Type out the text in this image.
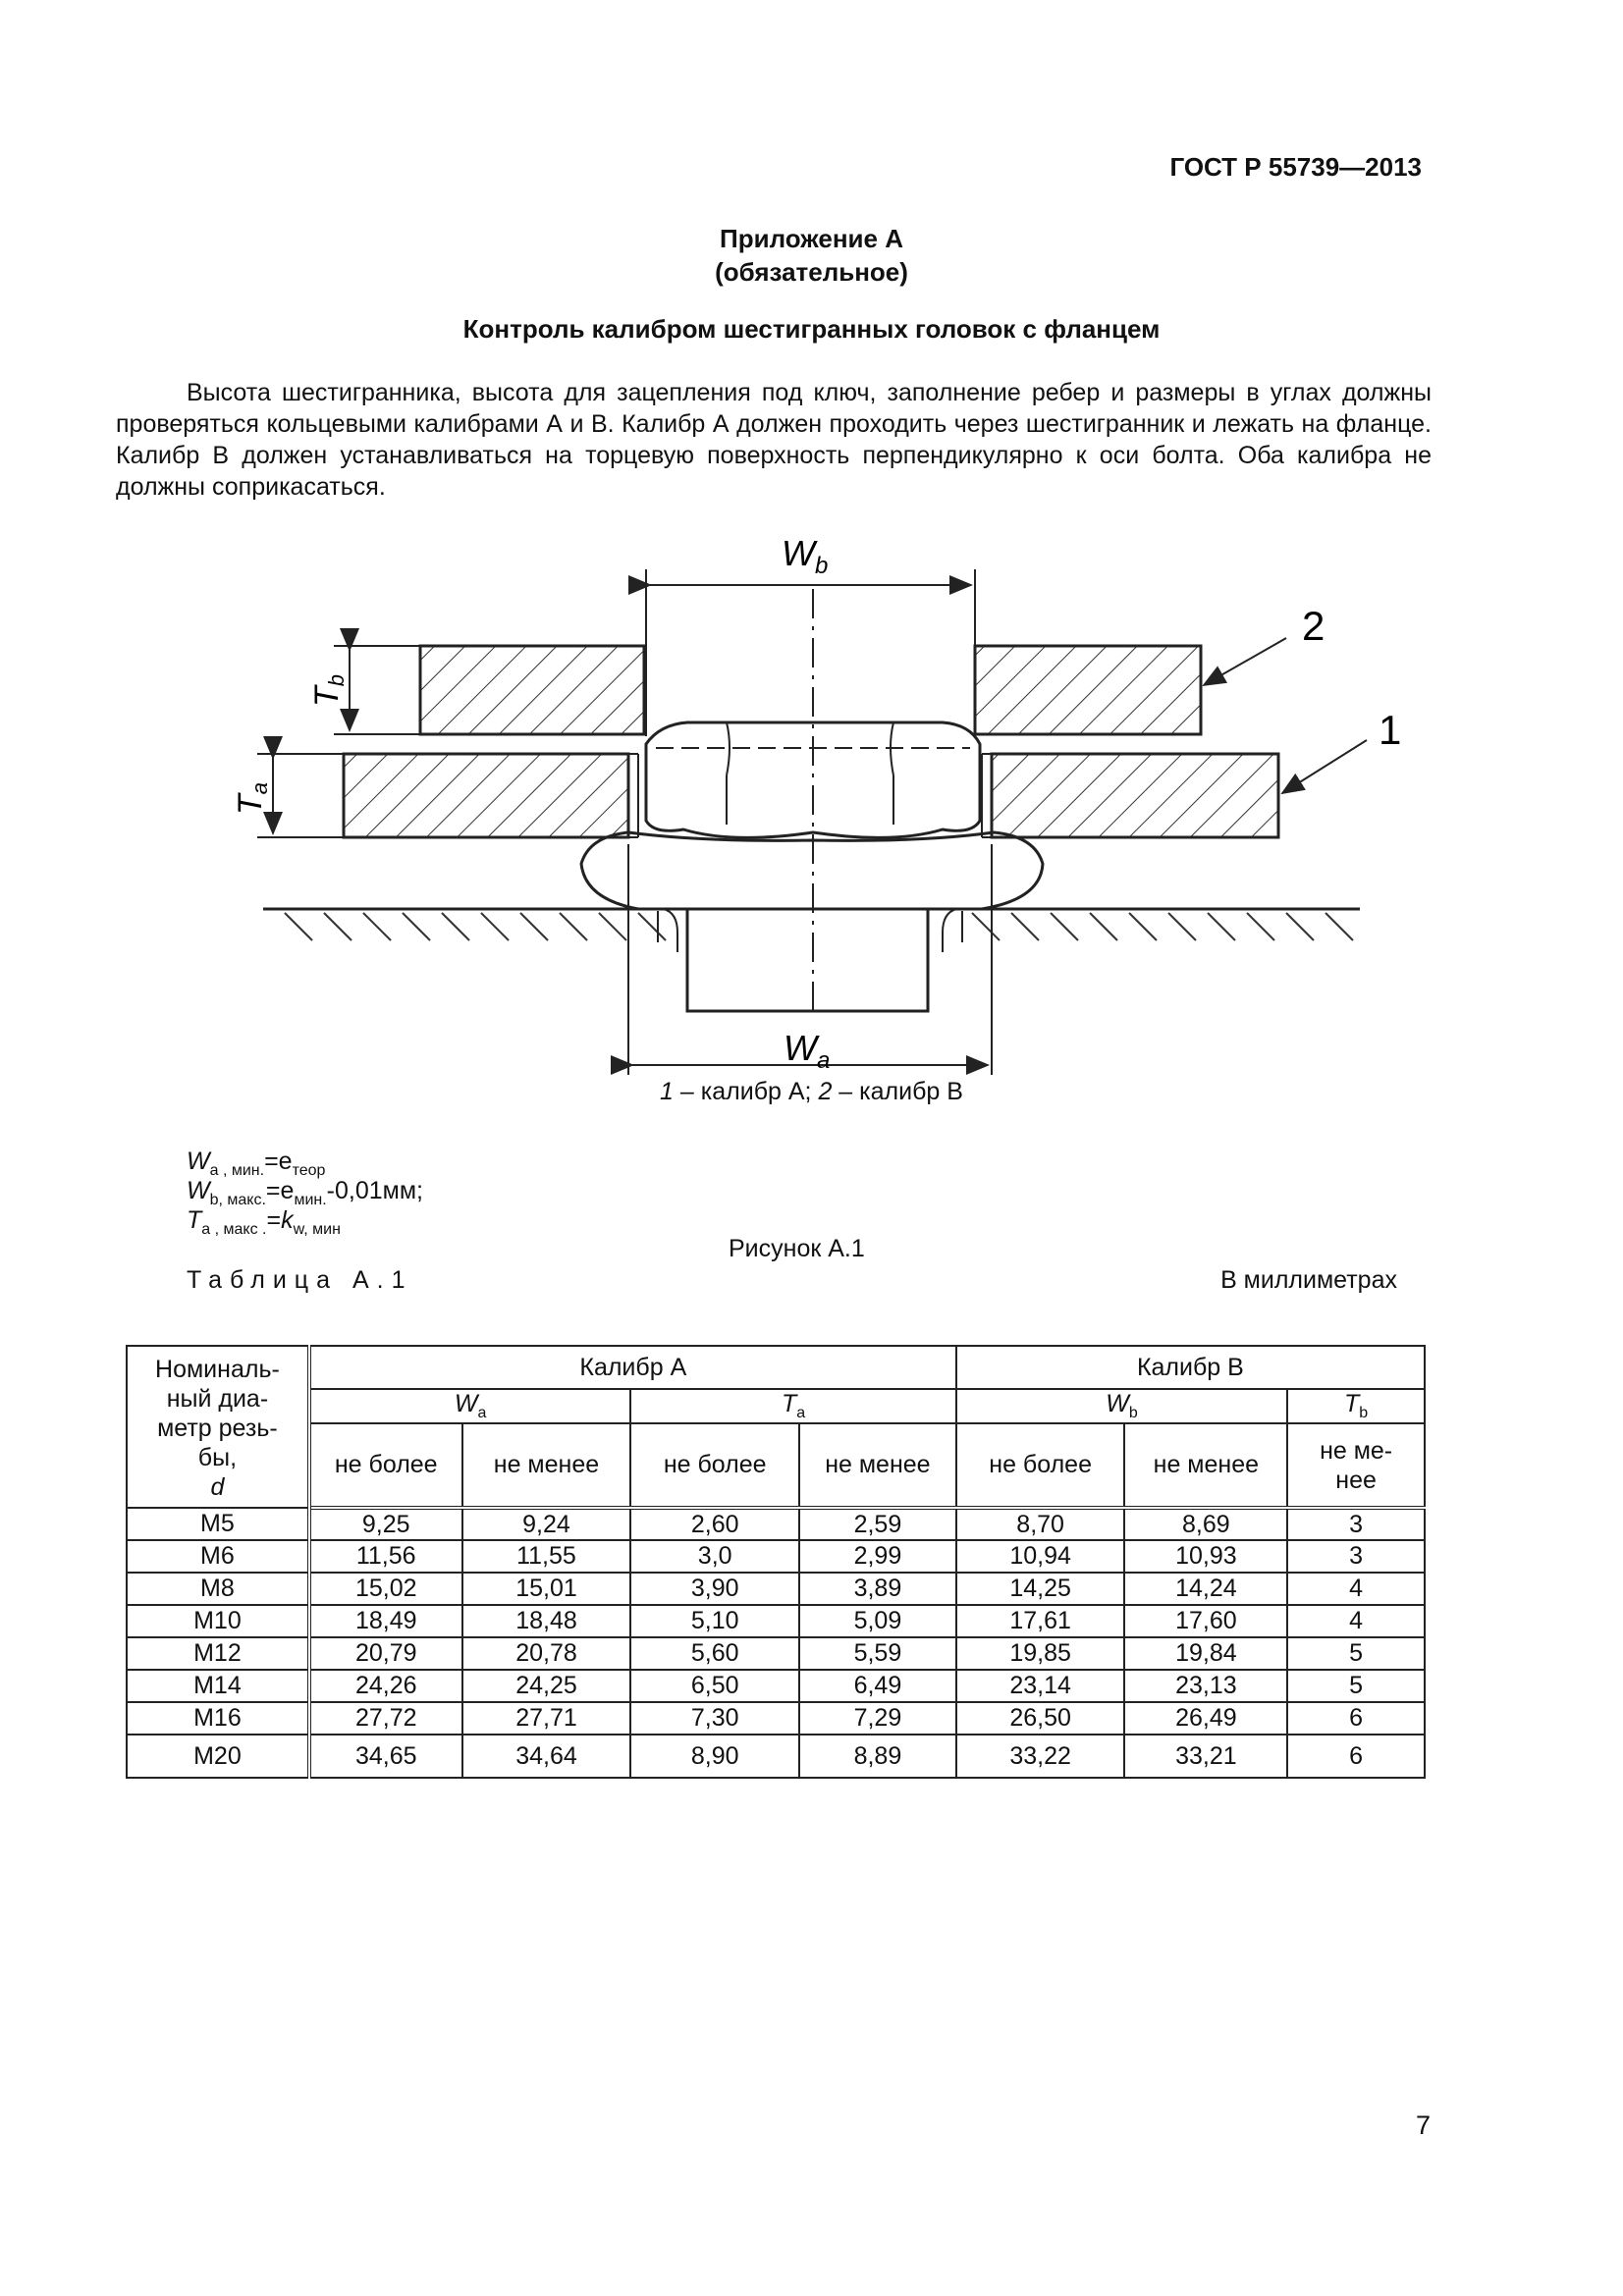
ГОСТ Р 55739—2013
Приложение А
(обязательное)
Контроль калибром шестигранных головок с фланцем
Высота шестигранника, высота для зацепления под ключ, заполнение ребер и размеры в углах должны проверяться кольцевыми калибрами А и В. Калибр А должен проходить через шестигранник и лежать на фланце. Калибр В должен устанавливаться на торцевую поверхность перпендикулярно к оси болта. Оба калибра не должны соприкасаться.
$W_b$
$W_a$
Tb
Ta
2
1
1 – калибр A; 2 – калибр B
$W_{a , мин.}=e_{теор}$
$W_{b, макс.}=e_{мин.}-0,01мм$;
$T_{a , макс .}=k_{w, мин}$
Рисунок А.1
Таблица А.1	В миллиметрах
Номиналь-
ный диа-
метр резь-
бы,
d	Калибр А				Калибр B		
	$W_a$		$T_a$		$W_b$		$T_b$
	не более	не менее	не более	не менее	не более	не менее	не ме-
нее

M5	9,25	9,24	2,60	2,59	8,70	8,69	3
M6	11,56	11,55	3,0	2,99	10,94	10,93	3
M8	15,02	15,01	3,90	3,89	14,25	14,24	4
M10	18,49	18,48	5,10	5,09	17,61	17,60	4
M12	20,79	20,78	5,60	5,59	19,85	19,84	5
M14	24,26	24,25	6,50	6,49	23,14	23,13	5
M16	27,72	27,71	7,30	7,29	26,50	26,49	6
M20	34,65	34,64	8,90	8,89	33,22	33,21	6
7
